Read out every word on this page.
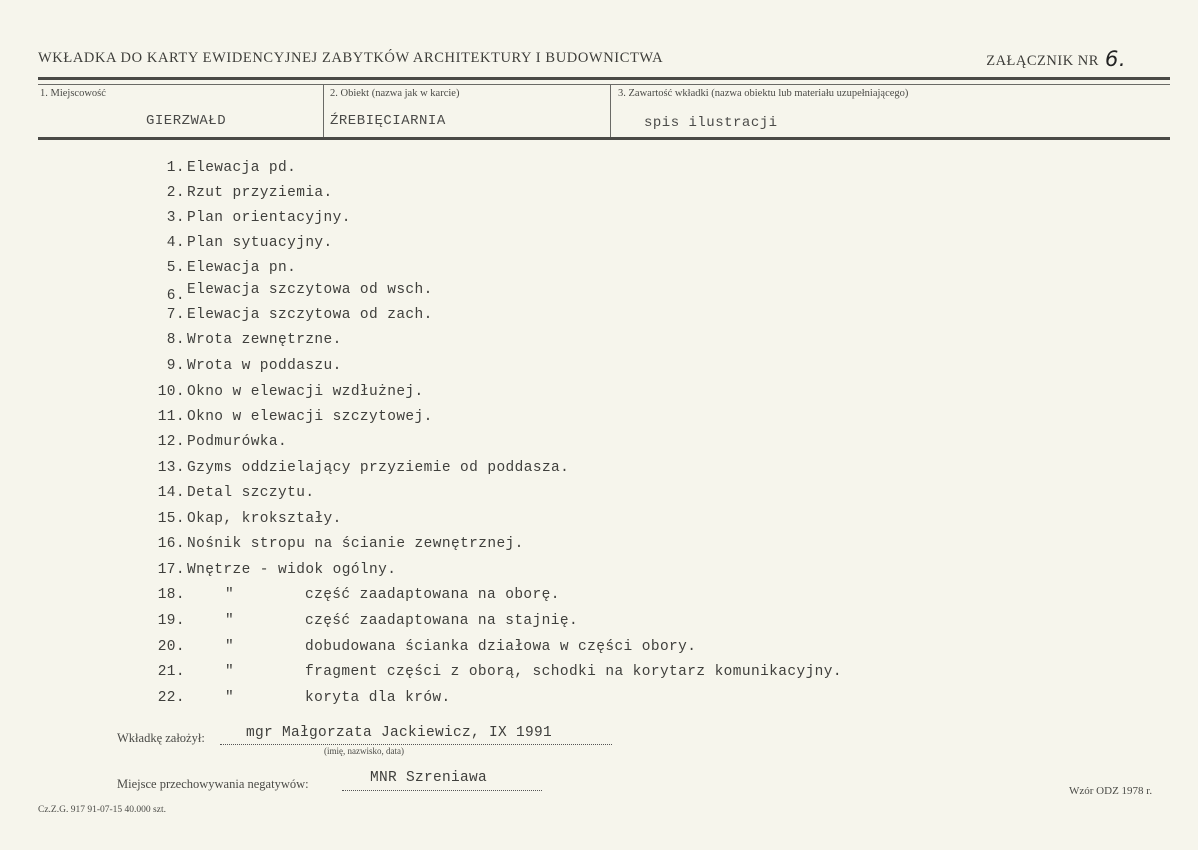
WKŁADKA DO KARTY EWIDENCYJNEJ ZABYTKÓW ARCHITEKTURY I BUDOWNICTWA	ZAŁĄCZNIK NR 6.
1. Miejscowość
GIERZWAŁD
2. Obiekt (nazwa jak w karcie)
ŹREBIĘCIARNIA
3. Zawartość wkładki (nazwa obiektu lub materiału uzupełniającego)
spis ilustracji
1. Elewacja pd.
2. Rzut przyziemia.
3. Plan orientacyjny.
4. Plan sytuacyjny.
5. Elewacja pn.
6. Elewacja szczytowa od wsch.
7. Elewacja szczytowa od zach.
8. Wrota zewnętrzne.
9. Wrota w poddaszu.
10. Okno w elewacji wzdłużnej.
11. Okno w elewacji szczytowej.
12. Podmurówka.
13. Gzyms oddzielający przyziemie od poddasza.
14. Detal szczytu.
15. Okap, krokształy.
16. Nośnik stropu na ścianie zewnętrznej.
17. Wnętrze - widok ogólny.
18.	"	część zaadaptowana na oborę.
19.	"	część zaadaptowana na stajnię.
20.	"	dobudowana ścianka działowa w części obory.
21.	"	fragment części z oborą, schodki na korytarz komunikacyjny.
22.	"	koryta dla krów.
Wkładkę założył:	mgr Małgorzata Jackiewicz, IX 1991
(imię, nazwisko, data)
Miejsce przechowywania negatywów:	MNR Szreniawa
Cz.Z.G. 917 91-07-15 40.000 szt.
Wzór ODZ 1978 r.
